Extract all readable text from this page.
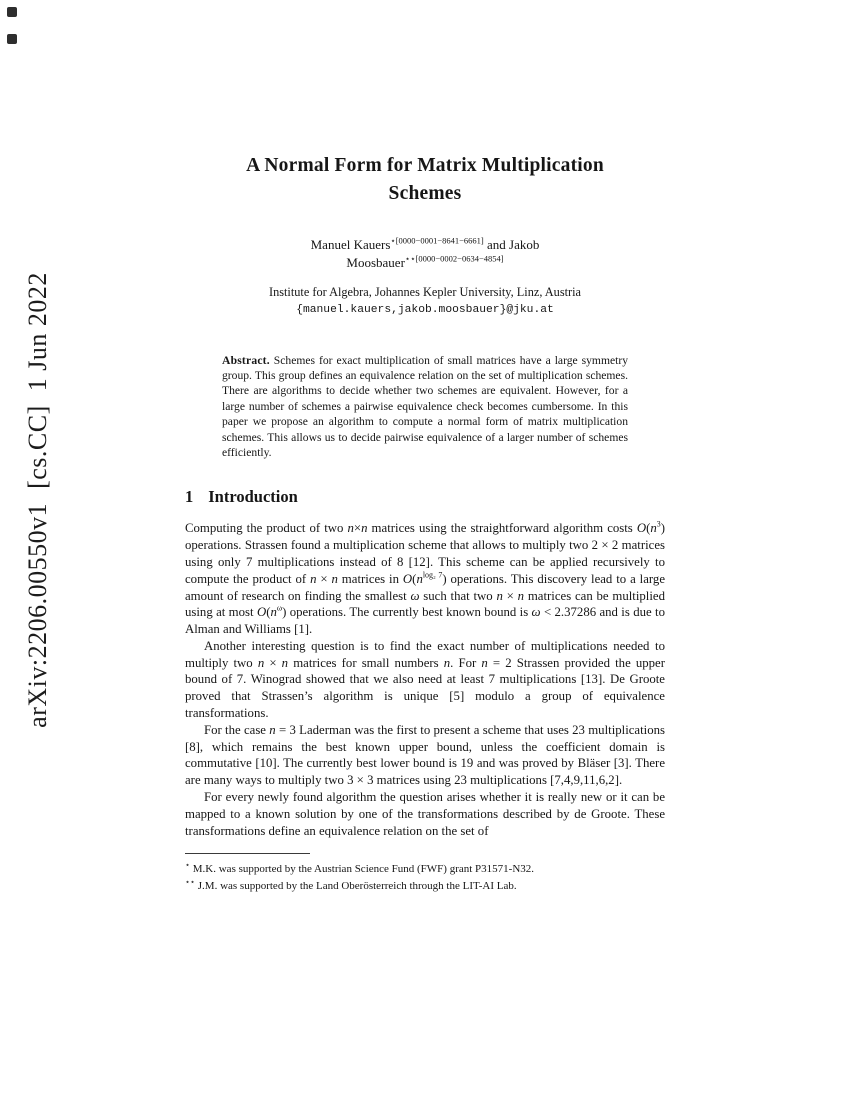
arXiv:2206.00550v1  [cs.CC]  1 Jun 2022
A Normal Form for Matrix Multiplication
Schemes
Manuel Kauers$^{⋆[0000-0001-8641-6661]}$ and Jakob
Moosbauer$^{⋆⋆[0000-0002-0634-4854]}$
Institute for Algebra, Johannes Kepler University, Linz, Austria
{manuel.kauers,jakob.moosbauer}@jku.at

Abstract. Schemes for exact multiplication of small matrices have a large symmetry group. This group defines an equivalence relation on the set of multiplication schemes. There are algorithms to decide whether two schemes are equivalent. However, for a large number of schemes a pairwise equivalence check becomes cumbersome. In this paper we propose an algorithm to compute a normal form of matrix multiplication schemes. This allows us to decide pairwise equivalence of a larger number of schemes efficiently.

1 Introduction

Computing the product of two n×n matrices using the straightforward algorithm costs $O(n^3)$ operations. Strassen found a multiplication scheme that allows to multiply two 2 × 2 matrices using only 7 multiplications instead of 8 [12]. This scheme can be applied recursively to compute the product of n × n matrices in $O(n^{log_2 7})$ operations. This discovery lead to a large amount of research on finding the smallest ω such that two n × n matrices can be multiplied using at most $O(n^\omega)$ operations. The currently best known bound is ω < 2.37286 and is due to Alman and Williams [1].

Another interesting question is to find the exact number of multiplications needed to multiply two n × n matrices for small numbers n. For n = 2 Strassen provided the upper bound of 7. Winograd showed that we also need at least 7 multiplications [13]. De Groote proved that Strassen’s algorithm is unique [5] modulo a group of equivalence transformations.

For the case n = 3 Laderman was the first to present a scheme that uses 23 multiplications [8], which remains the best known upper bound, unless the coefficient domain is commutative [10]. The currently best lower bound is 19 and was proved by Bläser [3]. There are many ways to multiply two 3 × 3 matrices using 23 multiplications [7,4,9,11,6,2].

For every newly found algorithm the question arises whether it is really new or it can be mapped to a known solution by one of the transformations described by de Groote. These transformations define an equivalence relation on the set of

⋆ M.K. was supported by the Austrian Science Fund (FWF) grant P31571-N32.
⋆⋆ J.M. was supported by the Land Oberösterreich through the LIT-AI Lab.
